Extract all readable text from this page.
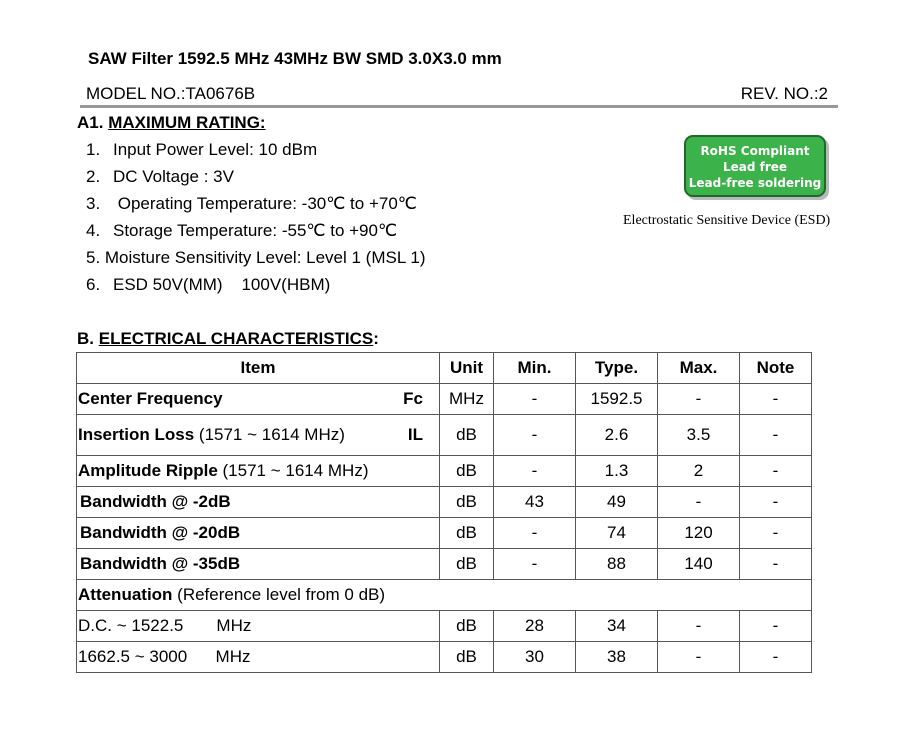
SAW Filter 1592.5 MHz 43MHz BW SMD 3.0X3.0 mm
MODEL NO.:TA0676B	REV. NO.:2
A1. MAXIMUM RATING:
1. Input Power Level: 10 dBm
2. DC Voltage : 3V
3. Operating Temperature: -30℃ to +70℃
4. Storage Temperature: -55℃ to +90℃
5. Moisture Sensitivity Level: Level 1 (MSL 1)
6. ESD 50V(MM)    100V(HBM)
RoHS Compliant
Lead free
Lead-free soldering
Electrostatic Sensitive Device (ESD)
B. ELECTRICAL CHARACTERISTICS:
Item	Unit	Min.	Type.	Max.	Note
Center Frequency Fc	MHz	-	1592.5	-	-
Insertion Loss (1571 ~ 1614 MHz) IL	dB	-	2.6	3.5	-
Amplitude Ripple (1571 ~ 1614 MHz)	dB	-	1.3	2	-
Bandwidth @ -2dB	dB	43	49	-	-
Bandwidth @ -20dB	dB	-	74	120	-
Bandwidth @ -35dB	dB	-	88	140	-
Attenuation (Reference level from 0 dB)					
D.C. ~ 1522.5       MHz	dB	28	34	-	-
1662.5 ~ 3000      MHz	dB	30	38	-	-
